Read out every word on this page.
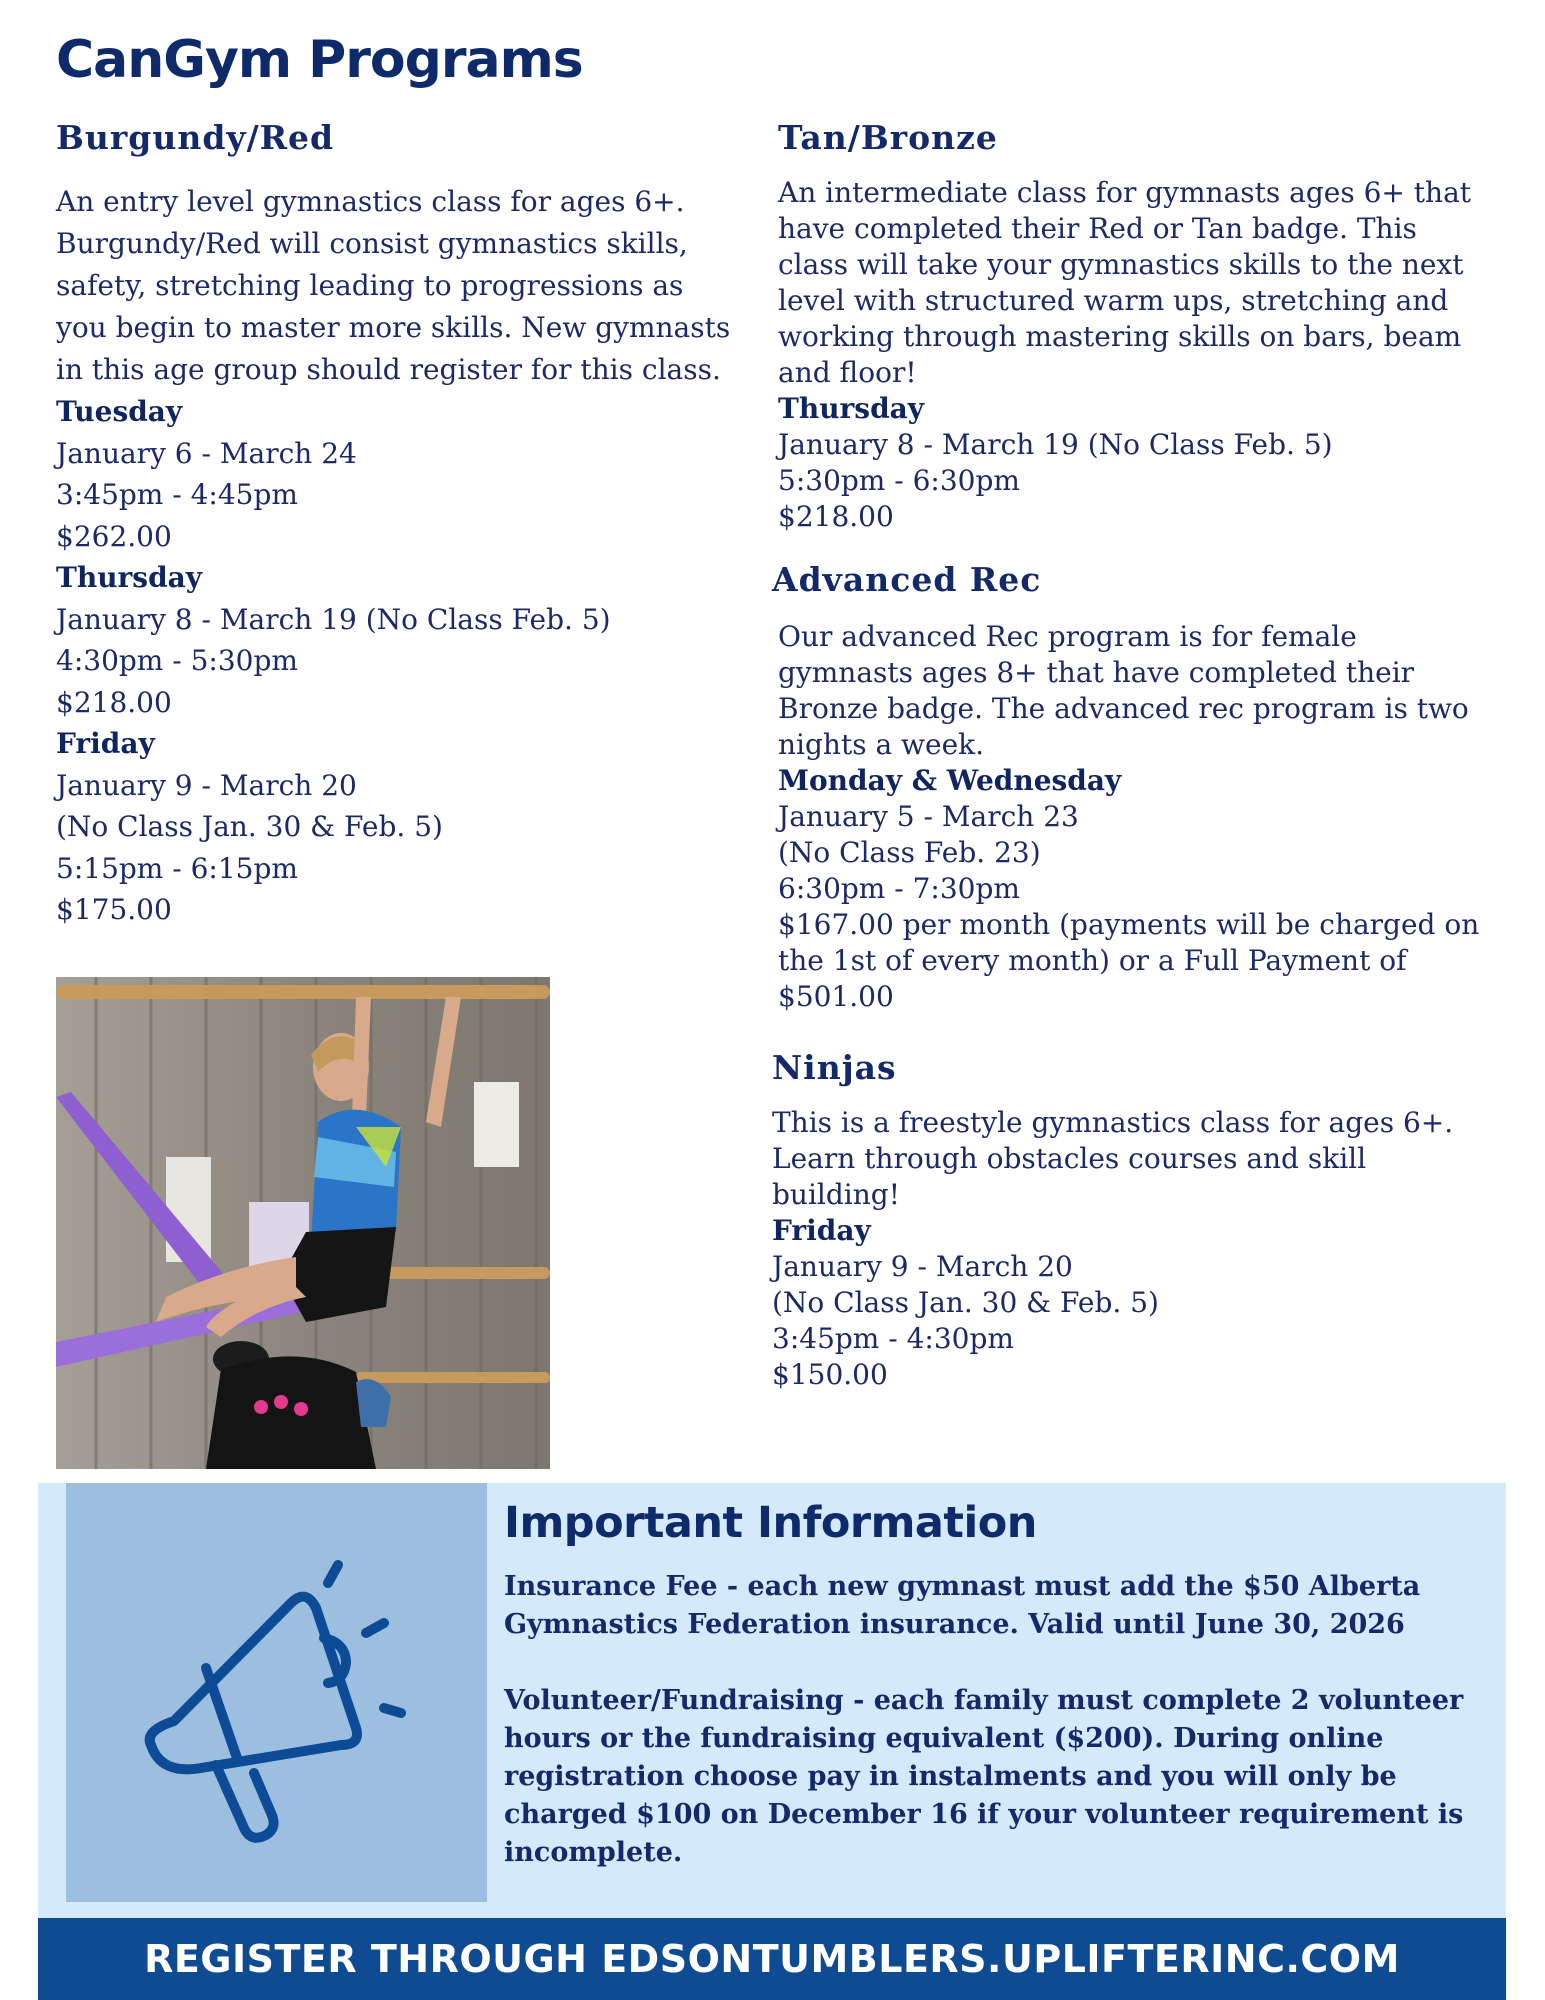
CanGym Programs
Burgundy/Red

An entry level gymnastics class for ages 6+. Burgundy/Red will consist gymnastics skills, safety, stretching leading to progressions as you begin to master more skills. New gymnasts in this age group should register for this class.

Tuesday

January 6 - March 24

3:45pm - 4:45pm

$262.00

Thursday

January 8 - March 19 (No Class Feb. 5)

4:30pm - 5:30pm

$218.00

Friday

January 9 - March 20

(No Class Jan. 30 & Feb. 5)

5:15pm - 6:15pm

$175.00

Tan/Bronze

An intermediate class for gymnasts ages 6+ that have completed their Red or Tan badge. This class will take your gymnastics skills to the next level with structured warm ups, stretching and working through mastering skills on bars, beam and floor!

Thursday

January 8 - March 19 (No Class Feb. 5)

5:30pm - 6:30pm

$218.00

Advanced Rec

Our advanced Rec program is for female gymnasts ages 8+ that have completed their Bronze badge. The advanced rec program is two nights a week.

Monday & Wednesday

January 5 - March 23

(No Class Feb. 23)

6:30pm - 7:30pm

$167.00 per month (payments will be charged on the 1st of every month) or a Full Payment of $501.00

Ninjas

This is a freestyle gymnastics class for ages 6+. Learn through obstacles courses and skill building!

Friday

January 9 - March 20

(No Class Jan. 30 & Feb. 5)

3:45pm - 4:30pm

$150.00

Important Information

Insurance Fee - each new gymnast must add the $50 Alberta Gymnastics Federation insurance. Valid until June 30, 2026

Volunteer/Fundraising - each family must complete 2 volunteer hours or the fundraising equivalent ($200). During online registration choose pay in instalments and you will only be charged $100 on December 16 if your volunteer requirement is incomplete.

REGISTER THROUGH EDSONTUMBLERS.UPLIFTERINC.COM
